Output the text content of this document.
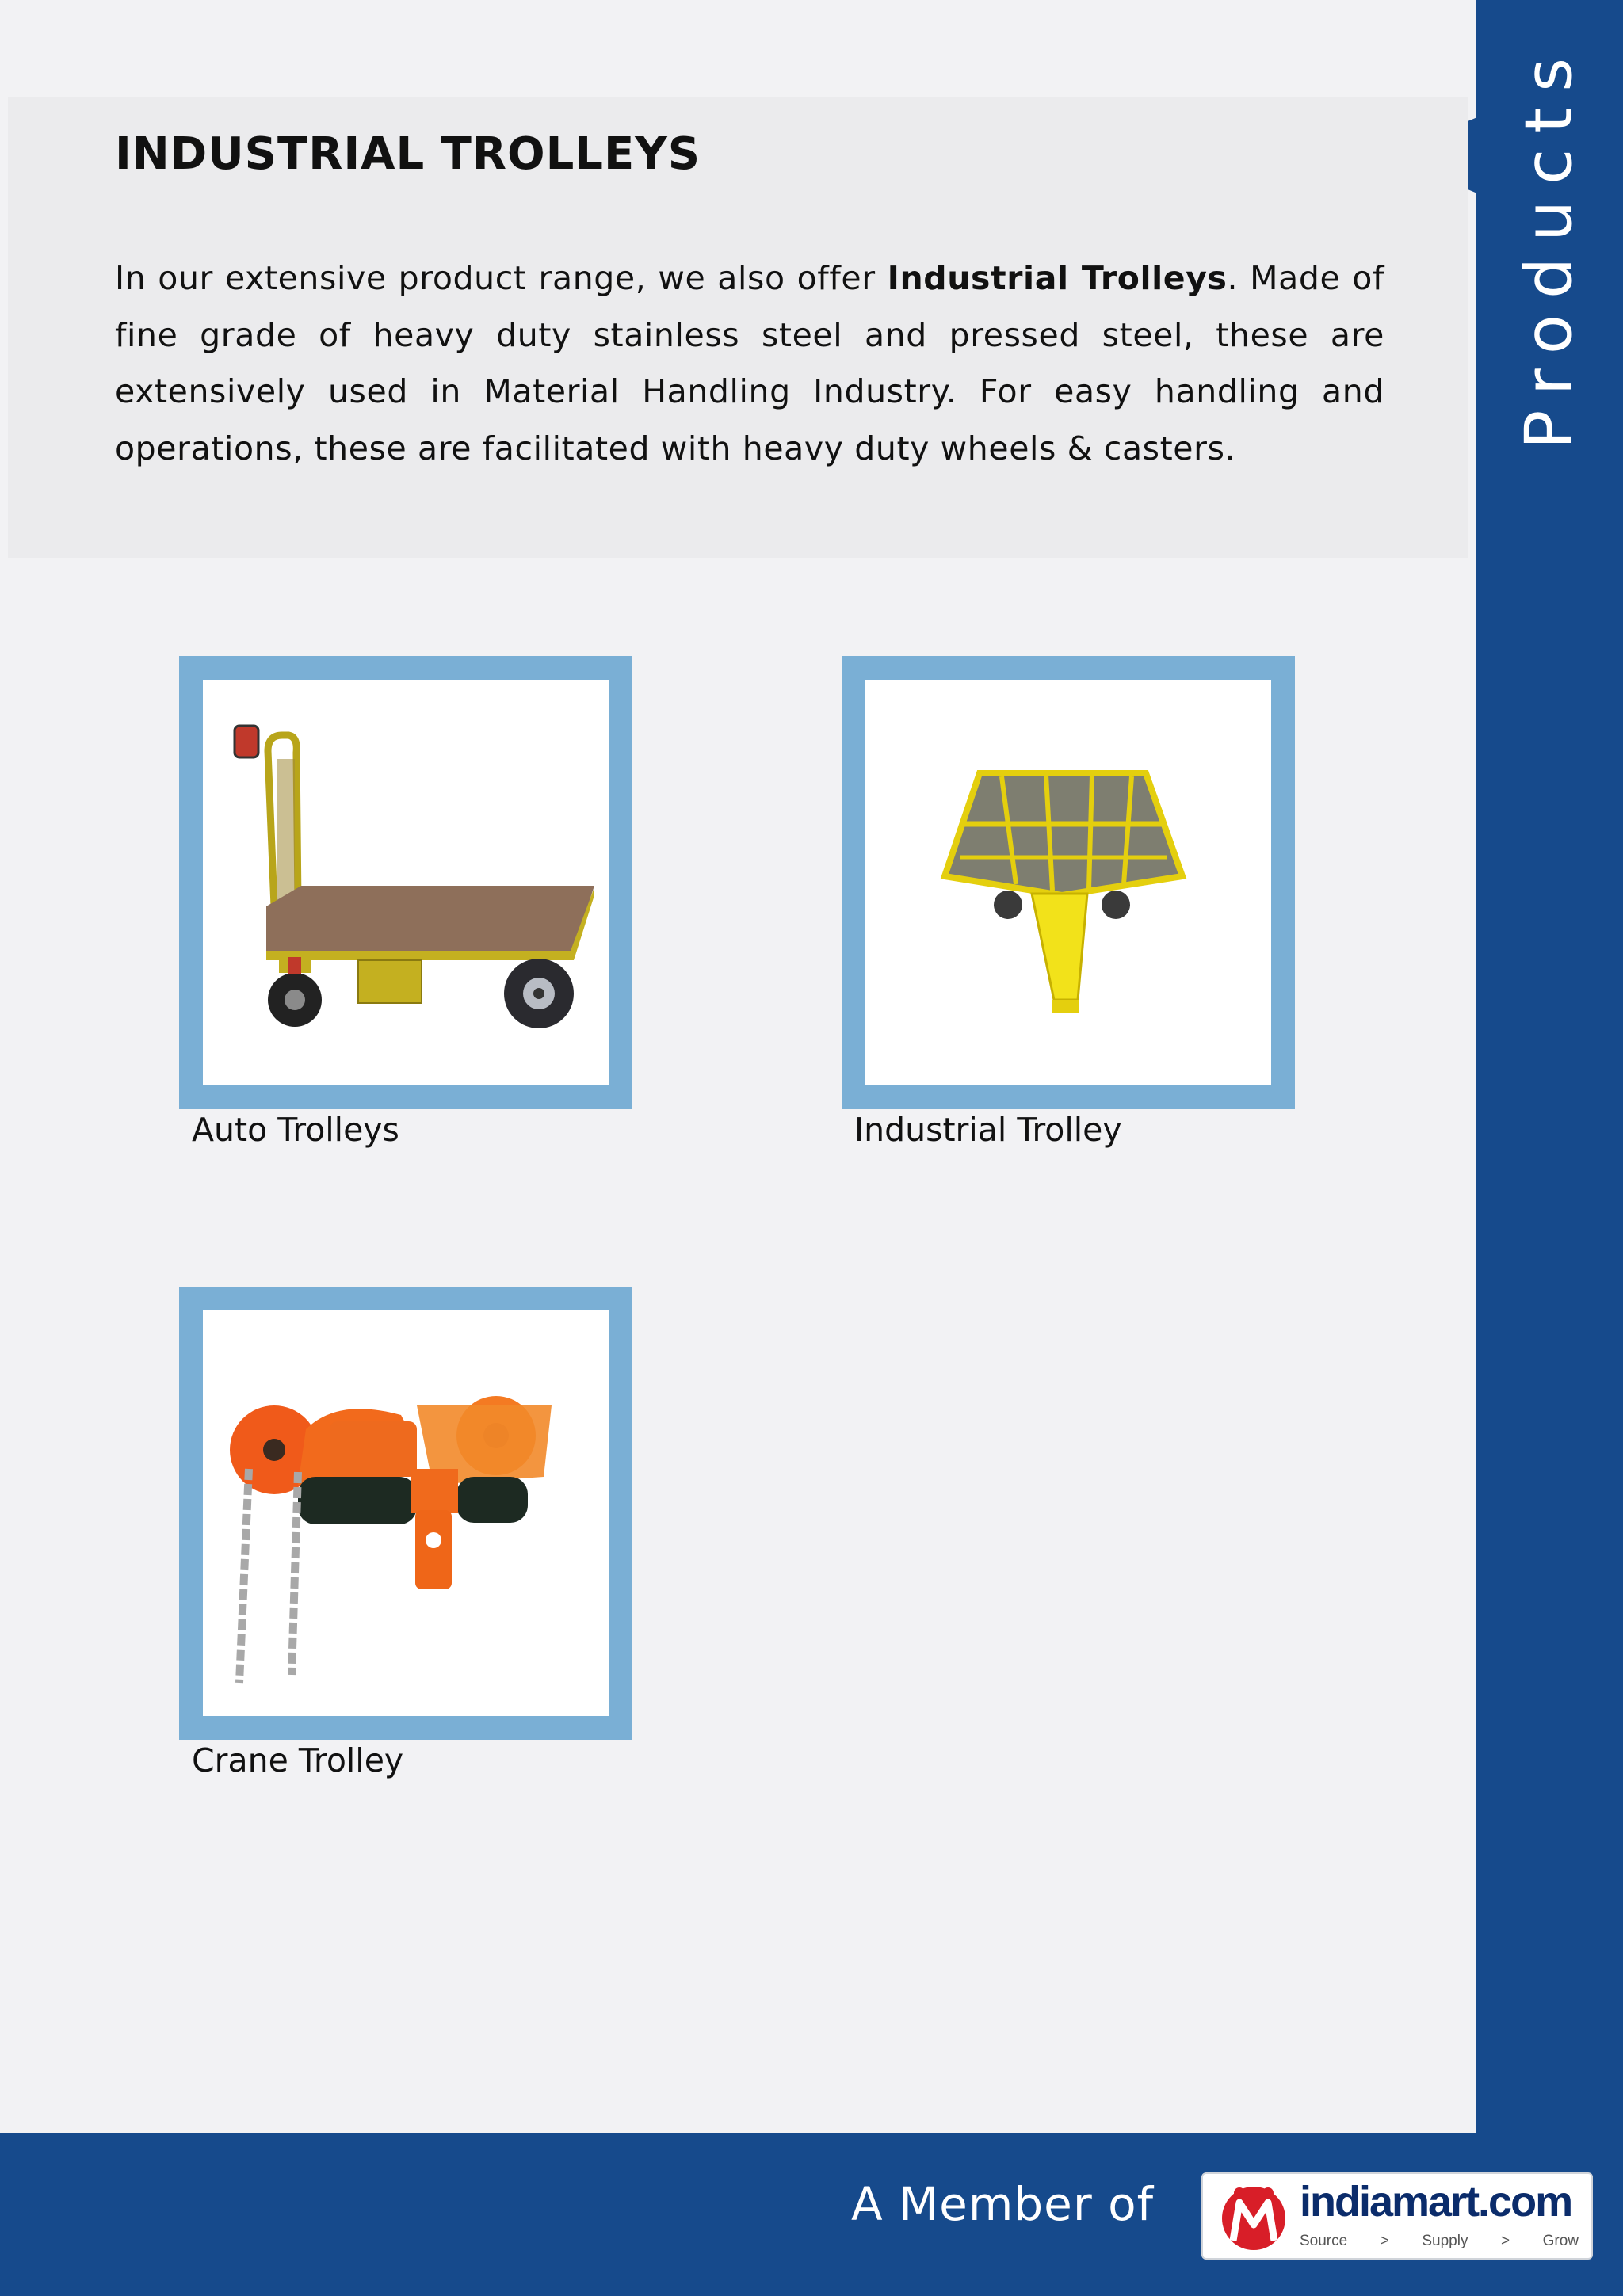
Products
INDUSTRIAL TROLLEYS

In our extensive product range, we also offer Industrial Trolleys. Made of fine grade of heavy duty stainless steel and pressed steel, these are extensively used in Material Handling Industry. For easy handling and operations, these are facilitated with heavy duty wheels & casters.

Auto Trolleys	Industrial Trolley

Crane Trolley

A Member of	indiamart.com
Source > Supply > Grow
